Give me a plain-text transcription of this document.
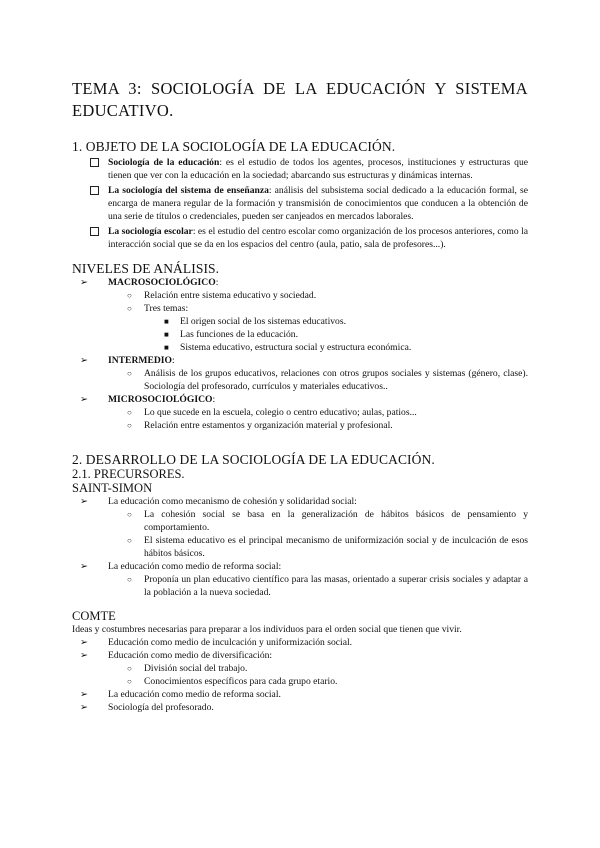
TEMA 3: SOCIOLOGÍA DE LA EDUCACIÓN Y SISTEMA EDUCATIVO.
1. OBJETO DE LA SOCIOLOGÍA DE LA EDUCACIÓN.
Sociología de la educación: es el estudio de todos los agentes, procesos, instituciones y estructuras que tienen que ver con la educación en la sociedad; abarcando sus estructuras y dinámicas internas.
La sociología del sistema de enseñanza: análisis del subsistema social dedicado a la educación formal, se encarga de manera regular de la formación y transmisión de conocimientos que conducen a la obtención de una serie de títulos o credenciales, pueden ser canjeados en mercados laborales.
La sociología escolar: es el estudio del centro escolar como organización de los procesos anteriores, como la interacción social que se da en los espacios del centro (aula, patio, sala de profesores...).
NIVELES DE ANÁLISIS.
➢ MACROSOCIOLÓGICO:
○ Relación entre sistema educativo y sociedad.
○ Tres temas:
■ El origen social de los sistemas educativos.
■ Las funciones de la educación.
■ Sistema educativo, estructura social y estructura económica.
➢ INTERMEDIO:
○ Análisis de los grupos educativos, relaciones con otros grupos sociales y sistemas (género, clase). Sociología del profesorado, currículos y materiales educativos..
➢ MICROSOCIOLÓGICO:
○ Lo que sucede en la escuela, colegio o centro educativo; aulas, patios...
○ Relación entre estamentos y organización material y profesional.
2. DESARROLLO DE LA SOCIOLOGÍA DE LA EDUCACIÓN.
2.1. PRECURSORES.
SAINT-SIMON
➢ La educación como mecanismo de cohesión y solidaridad social:
○ La cohesión social se basa en la generalización de hábitos básicos de pensamiento y comportamiento.
○ El sistema educativo es el principal mecanismo de uniformización social y de inculcación de esos hábitos básicos.
➢ La educación como medio de reforma social:
○ Proponía un plan educativo científico para las masas, orientado a superar crisis sociales y adaptar a la población a la nueva sociedad.
COMTE
Ideas y costumbres necesarias para preparar a los individuos para el orden social que tienen que vivir.
➢ Educación como medio de inculcación y uniformización social.
➢ Educación como medio de diversificación:
○ División social del trabajo.
○ Conocimientos específicos para cada grupo etario.
➢ La educación como medio de reforma social.
➢ Sociología del profesorado.
